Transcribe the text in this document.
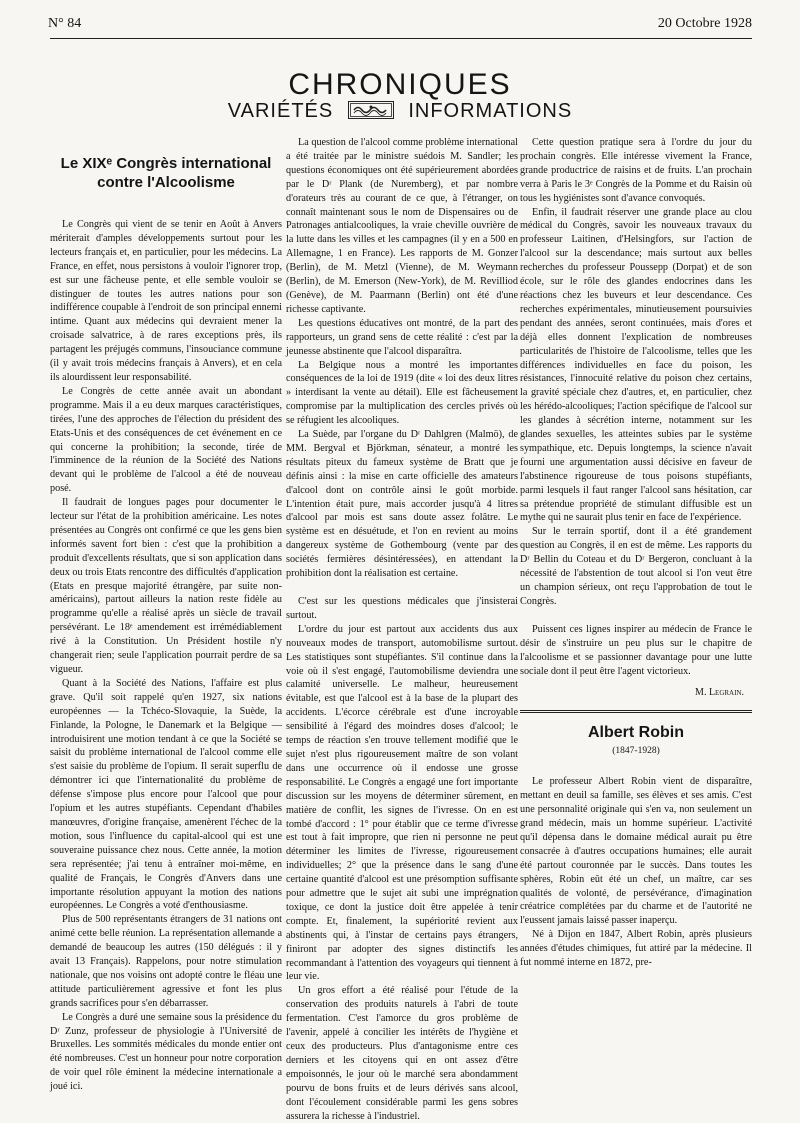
N° 84	20 Octobre 1928
CHRONIQUES
VARIÉTÉS	INFORMATIONS
Le XIXᵉ Congrès international contre l'Alcoolisme

Le Congrès qui vient de se tenir en Août à Anvers mériterait d'amples développements surtout pour les lecteurs français et, en particulier, pour les médecins. La France, en effet, nous persistons à vouloir l'ignorer trop, est sur une fâcheuse pente, et elle semble vouloir se distinguer de toutes les autres nations pour son indifférence coupable à l'endroit de son principal ennemi intime. Quant aux médecins qui devraient mener la croisade salvatrice, à de rares exceptions près, ils partagent les préjugés communs, l'insouciance commune (il y avait trois médecins français à Anvers), et en cela ils alourdissent leur responsabilité.

Le Congrès de cette année avait un abondant programme. Mais il a eu deux marques caractéristiques, tirées, l'une des approches de l'élection du président des Etats-Unis et des conséquences de cet événement en ce qui concerne la prohibition; la seconde, tirée de l'imminence de la réunion de la Société des Nations devant qui le problème de l'alcool a été de nouveau posé.

Il faudrait de longues pages pour documenter le lecteur sur l'état de la prohibition américaine. Les notes présentées au Congrès ont confirmé ce que les gens bien informés savent fort bien : c'est que la prohibition a produit d'excellents résultats, que si son application dans deux ou trois Etats rencontre des difficultés d'application (Etats en presque majorité étrangère, par suite non-américains), partout ailleurs la nation reste fidèle au programme qu'elle a réalisé après un siècle de travail persévérant. Le 18ᵉ amendement est irrémédiablement rivé à la Constitution. Un Président hostile n'y changerait rien; seule l'application pourrait perdre de sa vigueur.

Quant à la Société des Nations, l'affaire est plus grave. Qu'il soit rappelé qu'en 1927, six nations européennes — la Tchéco-Slovaquie, la Suède, la Finlande, la Pologne, le Danemark et la Belgique — introduisirent une motion tendant à ce que la Société se saisit du problème international de l'alcool comme elle s'est saisie du problème de l'opium. Il serait superflu de démontrer ici que l'internationalité du problème de défense s'impose plus encore pour l'alcool que pour l'opium et les autres stupéfiants. Cependant d'habiles manœuvres, d'origine française, amenèrent l'échec de la motion, sous l'influence du capital-alcool qui est une souveraine puissance chez nous. Cette année, la motion sera représentée; j'ai tenu à entraîner moi-même, en qualité de Français, le Congrès d'Anvers dans une importante résolution appuyant la motion des nations européennes. Le Congrès a voté d'enthousiasme.

Plus de 500 représentants étrangers de 31 nations ont animé cette belle réunion. La représentation allemande a demandé de beaucoup les autres (150 délégués : il y avait 13 Français). Rappelons, pour notre stimulation nationale, que nos voisins ont adopté contre le fléau une attitude particulièrement agressive et font les plus grands sacrifices pour s'en débarrasser.

Le Congrès a duré une semaine sous la présidence du Dʳ Zunz, professeur de physiologie à l'Université de Bruxelles. Les sommités médicales du monde entier ont été nombreuses. C'est un honneur pour notre corporation de voir quel rôle éminent la médecine internationale a joué ici.

La question de l'alcool comme problème international a été traitée par le ministre suédois M. Sandler; les questions économiques ont été supérieurement abordées par le Dʳ Plank (de Nuremberg), et par nombre d'orateurs très au courant de ce que, à l'étranger, on connaît maintenant sous le nom de Dispensaires ou de Patronages antialcooliques, la vraie cheville ouvrière de la lutte dans les villes et les campagnes (il y en a 500 en Allemagne, 1 en France). Les rapports de M. Gonzer (Berlin), de M. Metzl (Vienne), de M. Weymann (Berlin), de M. Emerson (New-York), de M. Revilliod (Genève), de M. Paarmann (Berlin) ont été d'une richesse captivante.

Les questions éducatives ont montré, de la part des rapporteurs, un grand sens de cette réalité : c'est par la jeunesse abstinente que l'alcool disparaîtra.

La Belgique nous a montré les importantes conséquences de la loi de 1919 (dite « loi des deux litres » interdisant la vente au détail). Elle est fâcheusement compromise par la multiplication des cercles privés où se réfugient les alcooliques.

La Suède, par l'organe du Dʳ Dahlgren (Malmö), de MM. Bergval et Björkman, sénateur, a montré les résultats piteux du fameux système de Bratt que je définis ainsi : la mise en carte officielle des amateurs d'alcool dont on contrôle ainsi le goût morbide. L'intention était pure, mais accorder jusqu'à 4 litres d'alcool par mois est sans doute assez folâtre. Le système est en désuétude, et l'on en revient au moins dangereux système de Gothembourg (vente par des sociétés fermières désintéressées), en attendant la prohibition dont la réalisation est certaine.

C'est sur les questions médicales que j'insisterai surtout.

L'ordre du jour est partout aux accidents dus aux nouveaux modes de transport, automobilisme surtout. Les statistiques sont stupéfiantes. S'il continue dans la voie où il s'est engagé, l'automobilisme deviendra une calamité universelle. Le malheur, heureusement évitable, est que l'alcool est à la base de la plupart des accidents. L'écorce cérébrale est d'une incroyable sensibilité à l'égard des moindres doses d'alcool; le temps de réaction s'en trouve tellement modifié que le sujet n'est plus rigoureusement maître de son volant dans une occurrence où il endosse une grosse responsabilité. Le Congrès a engagé une fort importante discussion sur les moyens de déterminer sûrement, en matière de conflit, les signes de l'ivresse. On en est tombé d'accord : 1° pour établir que ce terme d'ivresse est tout à fait impropre, que rien ni personne ne peut déterminer les limites de l'ivresse, rigoureusement individuelles; 2° que la présence dans le sang d'une certaine quantité d'alcool est une présomption suffisante pour admettre que le sujet ait subi une imprégnation toxique, ce dont la justice doit être appelée à tenir compte. Et, finalement, la supériorité revient aux abstinents qui, à l'instar de certains pays étrangers, finiront par adopter des signes distinctifs les recommandant à l'attention des voyageurs qui tiennent à leur vie.

Un gros effort a été réalisé pour l'étude de la conservation des produits naturels à l'abri de toute fermentation. C'est l'amorce du gros problème de l'avenir, appelé à concilier les intérêts de l'hygiène et ceux des producteurs. Plus d'antagonisme entre ces derniers et les citoyens qui en ont assez d'être empoisonnés, le jour où le marché sera abondamment pourvu de bons fruits et de leurs dérivés sans alcool, dont l'écoulement considérable parmi les gens sobres assurera la richesse à l'industriel.

Cette question pratique sera à l'ordre du jour du prochain congrès. Elle intéresse vivement la France, grande productrice de raisins et de fruits. L'an prochain verra à Paris le 3ᵉ Congrès de la Pomme et du Raisin où tous les hygiénistes sont d'avance convoqués.

Enfin, il faudrait réserver une grande place au clou médical du Congrès, savoir les nouveaux travaux du professeur Laitinen, d'Helsingfors, sur l'action de l'alcool sur la descendance; mais surtout aux belles recherches du professeur Poussepp (Dorpat) et de son école, sur le rôle des glandes endocrines dans les réactions chez les buveurs et leur descendance. Ces recherches expérimentales, minutieusement poursuivies pendant des années, seront continuées, mais d'ores et déjà elles donnent l'explication de nombreuses particularités de l'histoire de l'alcoolisme, telles que les différences individuelles en face du poison, les résistances, l'innocuité relative du poison chez certains, la gravité spéciale chez d'autres, et, en particulier, chez les hérédo-alcooliques; l'action spécifique de l'alcool sur les glandes à sécrétion interne, notamment sur les glandes sexuelles, les atteintes subies par le système sympathique, etc. Depuis longtemps, la science n'avait fourni une argumentation aussi décisive en faveur de l'abstinence rigoureuse de tous poisons stupéfiants, parmi lesquels il faut ranger l'alcool sans hésitation, car sa prétendue propriété de stimulant diffusible est un mythe qui ne saurait plus tenir en face de l'expérience.

Sur le terrain sportif, dont il a été grandement question au Congrès, il en est de même. Les rapports du Dʳ Bellin du Coteau et du Dʳ Bergeron, concluant à la nécessité de l'abstention de tout alcool si l'on veut être un champion sérieux, ont reçu l'approbation de tout le Congrès.

Puissent ces lignes inspirer au médecin de France le désir de s'instruire un peu plus sur le chapitre de l'alcoolisme et se passionner davantage pour une lutte sociale dont il peut être l'agent victorieux.

M. Legrain.
Albert Robin
(1847-1928)

Le professeur Albert Robin vient de disparaître, mettant en deuil sa famille, ses élèves et ses amis. C'est une personnalité originale qui s'en va, non seulement un grand médecin, mais un homme supérieur. L'activité qu'il dépensa dans le domaine médical aurait pu être consacrée à d'autres occupations humaines; elle aurait été partout couronnée par le succès. Dans toutes les sphères, Robin eût été un chef, un maître, car ses qualités de volonté, de persévérance, d'imagination créatrice complétées par du charme et de l'autorité ne l'eussent jamais laissé passer inaperçu.

Né à Dijon en 1847, Albert Robin, après plusieurs années d'études chimiques, fut attiré par la médecine. Il fut nommé interne en 1872, pre-
